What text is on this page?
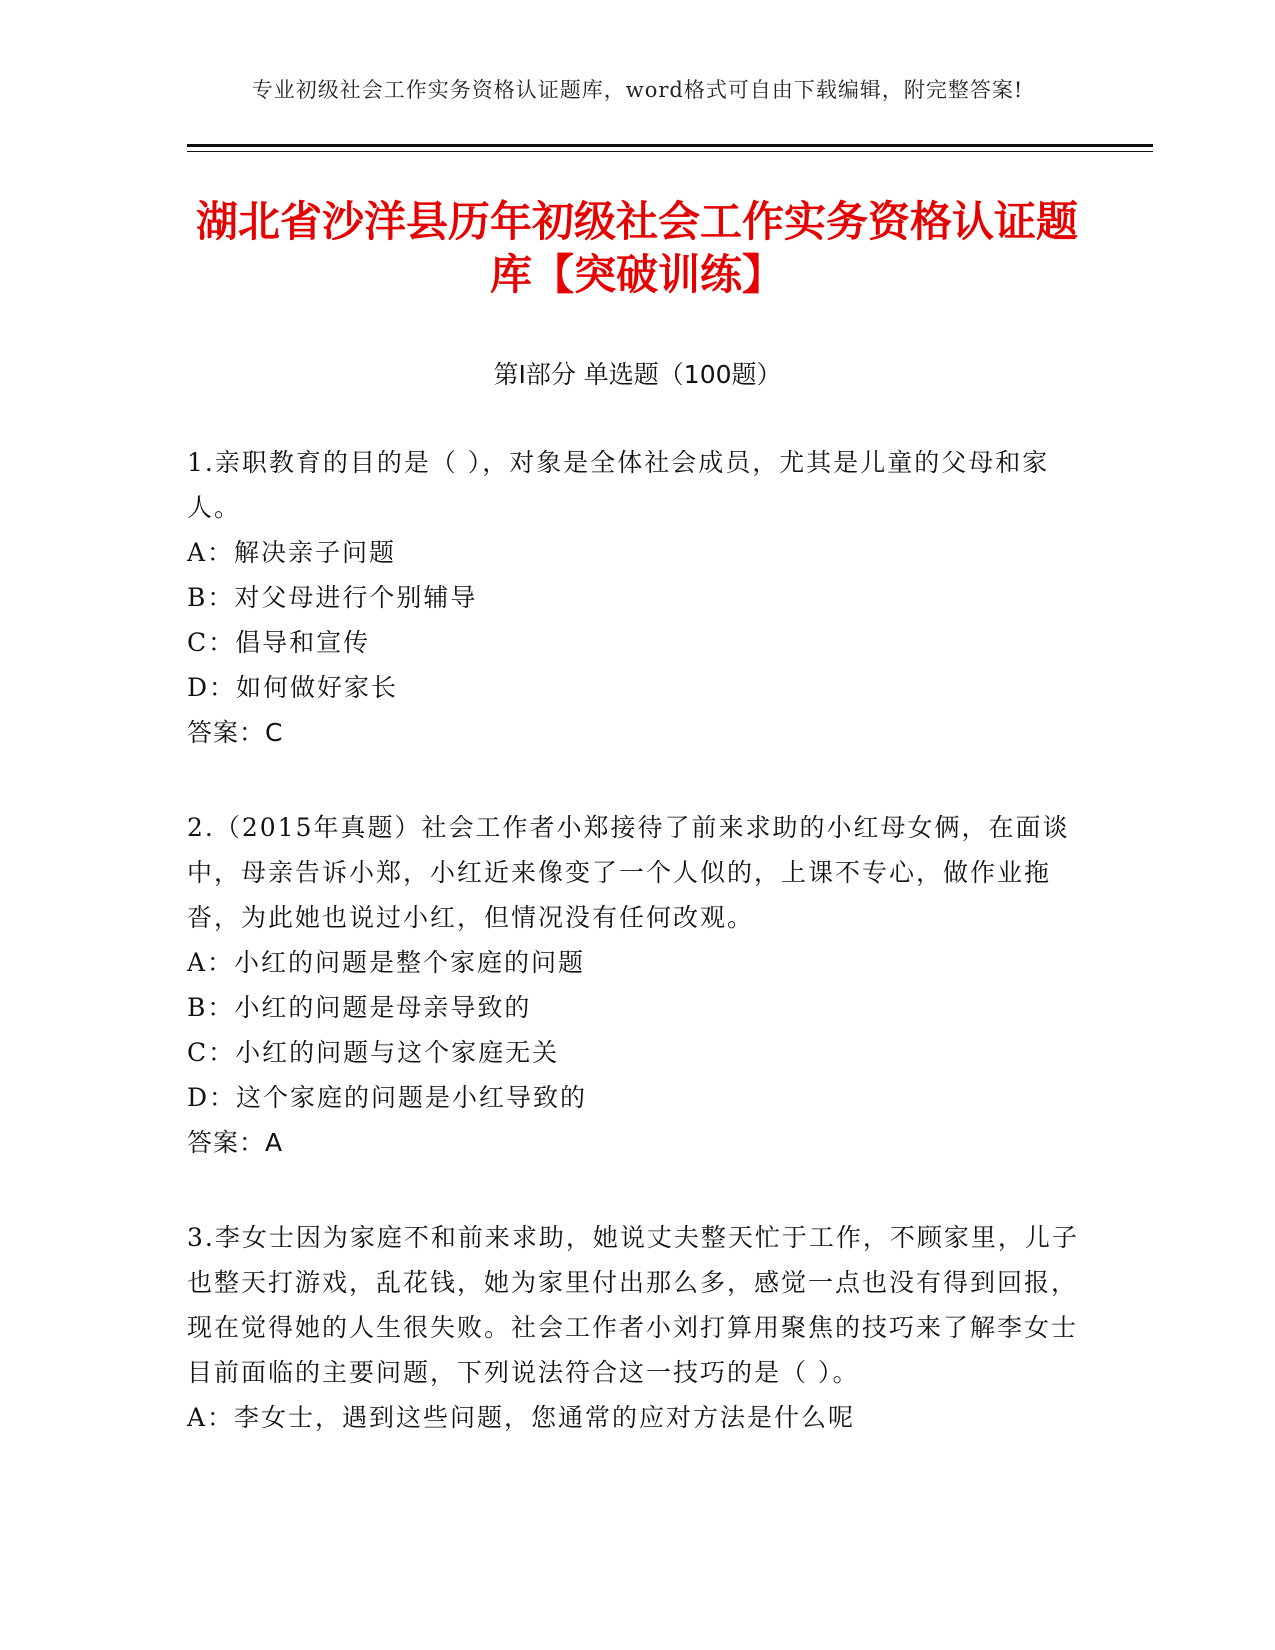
专业初级社会工作实务资格认证题库，word格式可自由下载编辑，附完整答案!
湖北省沙洋县历年初级社会工作实务资格认证题库【突破训练】
第I部分 单选题（100题）

1.亲职教育的目的是（ ），对象是全体社会成员，尤其是儿童的父母和家人。

A：解决亲子问题

B：对父母进行个别辅导

C：倡导和宣传

D：如何做好家长

答案：C

2.（2015年真题）社会工作者小郑接待了前来求助的小红母女俩，在面谈中，母亲告诉小郑，小红近来像变了一个人似的，上课不专心，做作业拖沓，为此她也说过小红，但情况没有任何改观。

A：小红的问题是整个家庭的问题

B：小红的问题是母亲导致的

C：小红的问题与这个家庭无关

D：这个家庭的问题是小红导致的

答案：A

3.李女士因为家庭不和前来求助，她说丈夫整天忙于工作，不顾家里，儿子也整天打游戏，乱花钱，她为家里付出那么多，感觉一点也没有得到回报，现在觉得她的人生很失败。社会工作者小刘打算用聚焦的技巧来了解李女士目前面临的主要问题，下列说法符合这一技巧的是（ ）。

A：李女士，遇到这些问题，您通常的应对方法是什么呢
